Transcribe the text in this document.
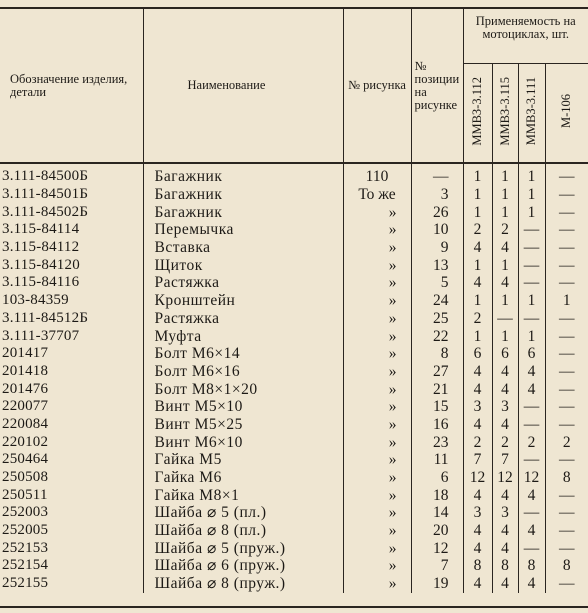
Обозначение изделия, детали	Наименование	№ рисунка	№ позиции на рисунке	Применяемость на мотоциклах, шт.			
				ММВЗ-3.112	ММВЗ-3.115	ММВЗ-3.111	М-106
3.111-84500Б	Багажник	110	—	1	1	1	—
3.111-84501Б	Багажник	То же	3	1	1	1	—
3.111-84502Б	Багажник	»	26	1	1	1	—
3.115-84114	Перемычка	»	10	2	2	—	—
3.115-84112	Вставка	»	9	4	4	—	—
3.115-84120	Щиток	»	13	1	1	—	—
3.115-84116	Растяжка	»	5	4	4	—	—
103-84359	Кронштейн	»	24	1	1	1	1
3.111-84512Б	Растяжка	»	25	2	—	—	—
3.111-37707	Муфта	»	22	1	1	1	—
201417	Болт М6×14	»	8	6	6	6	—
201418	Болт М6×16	»	27	4	4	4	—
201476	Болт М8×1×20	»	21	4	4	4	—
220077	Винт М5×10	»	15	3	3	—	—
220084	Винт М5×25	»	16	4	4	—	—
220102	Винт М6×10	»	23	2	2	2	2
250464	Гайка М5	»	11	7	7	—	—
250508	Гайка М6	»	6	12	12	12	8
250511	Гайка М8×1	»	18	4	4	4	—
252003	Шайба ⌀ 5 (пл.)	»	14	3	3	—	—
252005	Шайба ⌀ 8 (пл.)	»	20	4	4	4	—
252153	Шайба ⌀ 5 (пруж.)	»	12	4	4	—	—
252154	Шайба ⌀ 6 (пруж.)	»	7	8	8	8	8
252155	Шайба ⌀ 8 (пруж.)	»	19	4	4	4	—
